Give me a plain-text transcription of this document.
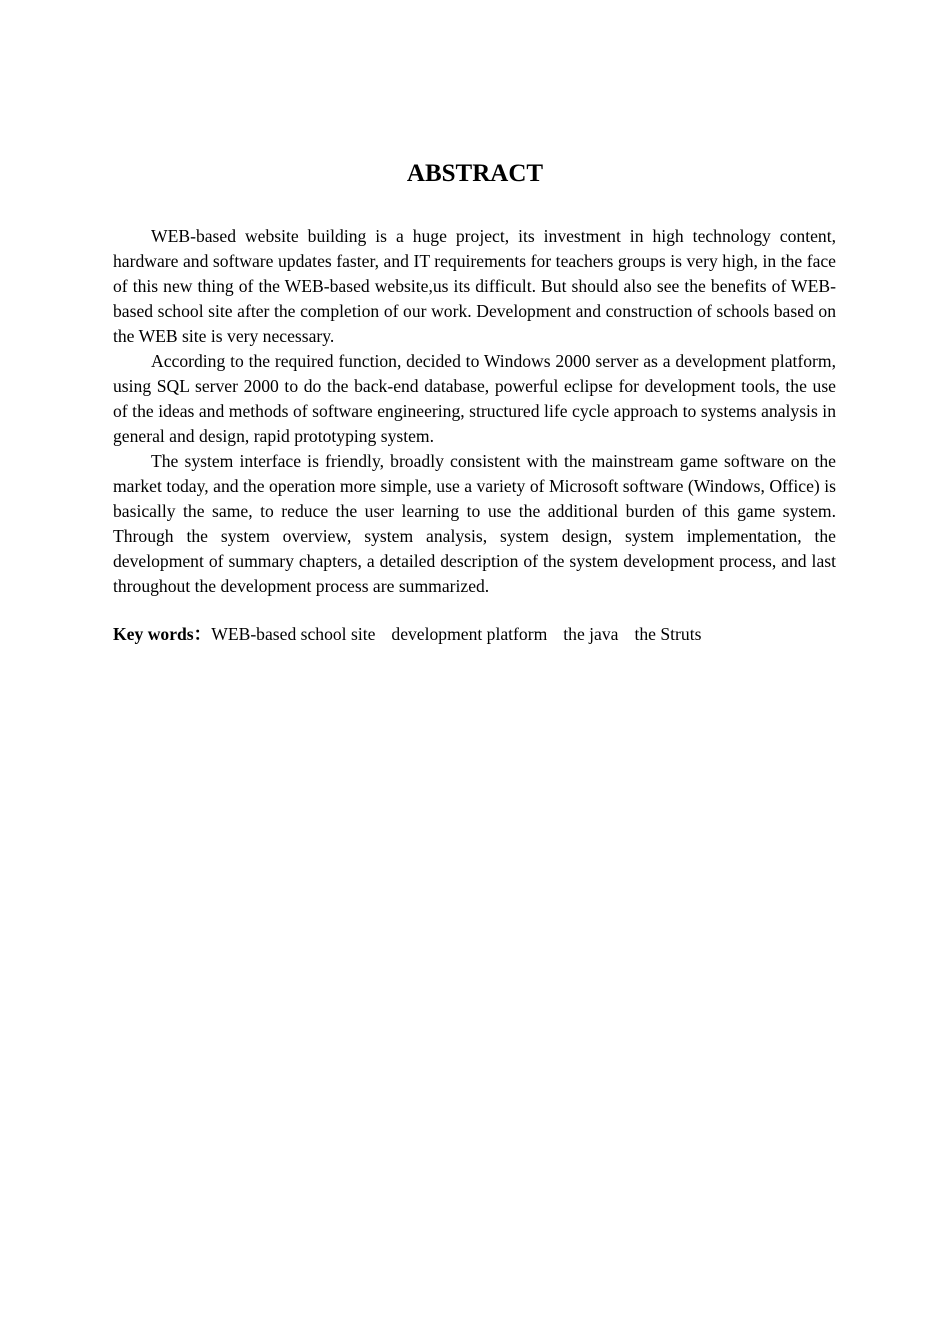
ABSTRACT

WEB-based website building is a huge project, its investment in high technology content, hardware and software updates faster, and IT requirements for teachers groups is very high, in the face of this new thing of the WEB-based website,us its difficult. But should also see the benefits of WEB-based school site after the completion of our work. Development and construction of schools based on the WEB site is very necessary.

According to the required function, decided to Windows 2000 server as a development platform, using SQL server 2000 to do the back-end database, powerful eclipse for development tools, the use of the ideas and methods of software engineering, structured life cycle approach to systems analysis in general and design, rapid prototyping system.

The system interface is friendly, broadly consistent with the mainstream game software on the market today, and the operation more simple, use a variety of Microsoft software (Windows, Office) is basically the same, to reduce the user learning to use the additional burden of this game system. Through the system overview, system analysis, system design, system implementation, the development of summary chapters, a detailed description of the system development process, and last throughout the development process are summarized.

Key words：WEB-based school site development platform the java the Struts
